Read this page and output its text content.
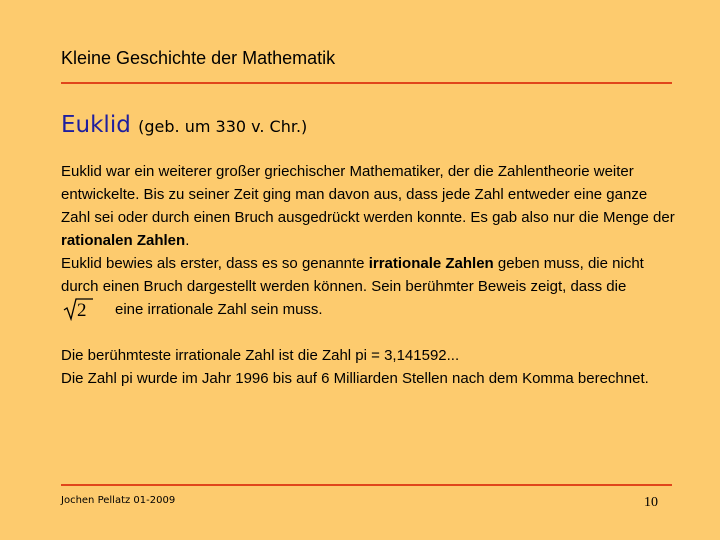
Kleine Geschichte der Mathematik
Euklid (geb. um 330 v. Chr.)

Euklid war ein weiterer großer griechischer Mathematiker, der die Zahlentheorie weiter entwickelte. Bis zu seiner Zeit ging man davon aus, dass jede Zahl entweder eine ganze Zahl sei oder durch einen Bruch ausgedrückt werden konnte. Es gab also nur die Menge der rationalen Zahlen.

Euklid bewies als erster, dass es so genannte irrationale Zahlen geben muss, die nicht durch einen Bruch dargestellt werden können. Sein berühmter Beweis zeigt, dass die
2 eine irrationale Zahl sein muss.

Die berühmteste irrationale Zahl ist die Zahl pi = 3,141592...

Die Zahl pi wurde im Jahr 1996 bis auf 6 Milliarden Stellen nach dem Komma berechnet.

Jochen Pellatz 01-2009	10
